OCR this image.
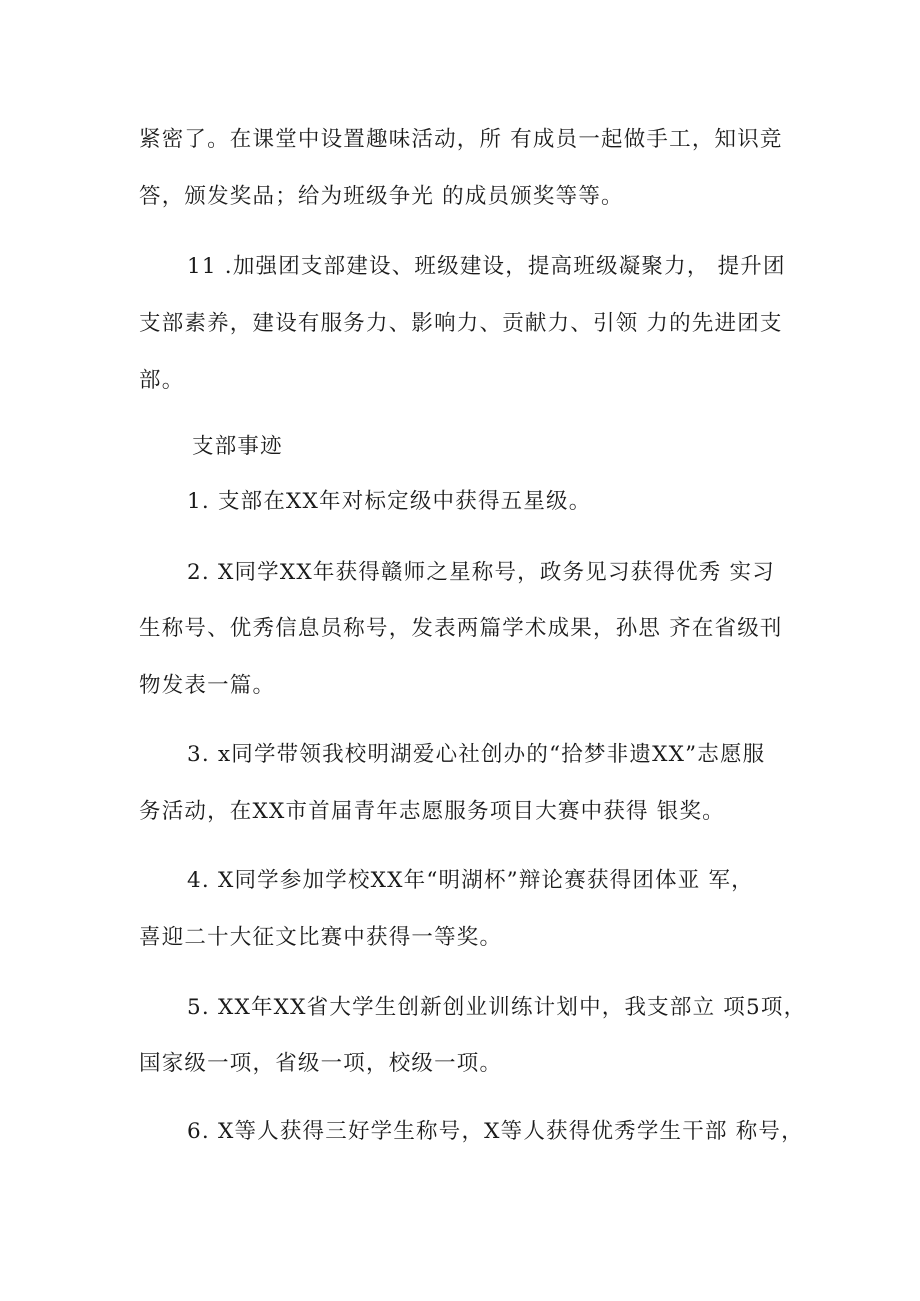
紧密了。在课堂中设置趣味活动，所 有成员一起做手工，知识竞
答，颁发奖品；给为班级争光 的成员颁奖等等。
11 .加强团支部建设、班级建设，提高班级凝聚力， 提升团
支部素养，建设有服务力、影响力、贡献力、引领 力的先进团支
部。
支部事迹
1. 支部在XX年对标定级中获得五星级。
2. X同学XX年获得赣师之星称号，政务见习获得优秀 实习
生称号、优秀信息员称号，发表两篇学术成果，孙思 齐在省级刊
物发表一篇。
3. x同学带领我校明湖爱心社创办的“拾梦非遗XX”志愿服
务活动，在XX市首届青年志愿服务项目大赛中获得 银奖。
4. X同学参加学校XX年“明湖杯”辩论赛获得团体亚 军，
喜迎二十大征文比赛中获得一等奖。
5. XX年XX省大学生创新创业训练计划中，我支部立 项5项，
国家级一项，省级一项，校级一项。
6. X等人获得三好学生称号，X等人获得优秀学生干部 称号，
